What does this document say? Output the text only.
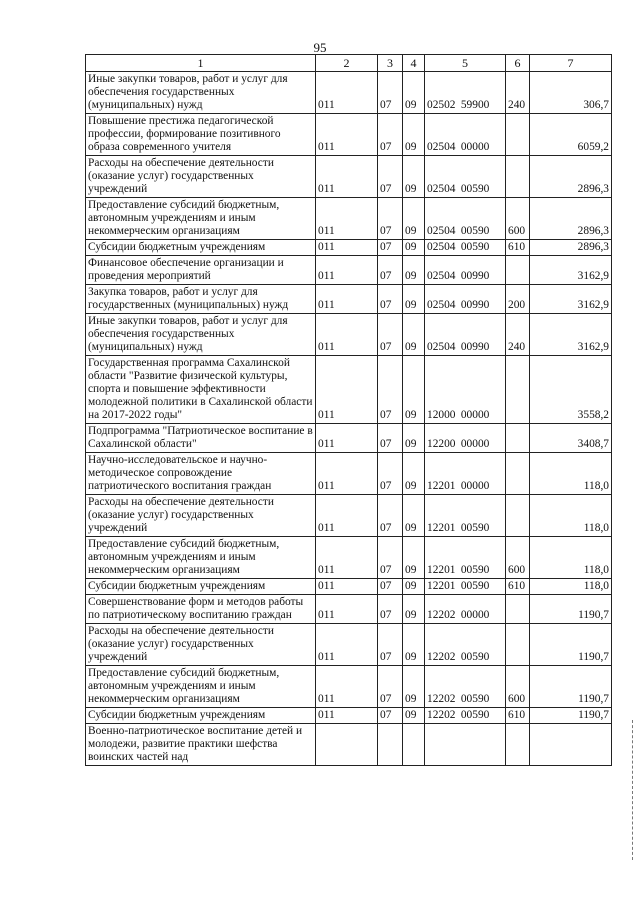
95
1	2	3	4	5	6	7
Иные закупки товаров, работ и услуг для обеспечения государственных (муниципальных) нужд	011	07	09	02502 59900	240	306,7
Повышение престижа педагогической профессии, формирование позитивного образа современного учителя	011	07	09	02504 00000		6059,2
Расходы на обеспечение деятельности (оказание услуг) государственных учреждений	011	07	09	02504 00590		2896,3
Предоставление субсидий бюджетным, автономным учреждениям и иным некоммерческим организациям	011	07	09	02504 00590	600	2896,3
Субсидии бюджетным учреждениям	011	07	09	02504 00590	610	2896,3
Финансовое обеспечение организации и проведения мероприятий	011	07	09	02504 00990		3162,9
Закупка товаров, работ и услуг для государственных (муниципальных) нужд	011	07	09	02504 00990	200	3162,9
Иные закупки товаров, работ и услуг для обеспечения государственных (муниципальных) нужд	011	07	09	02504 00990	240	3162,9
Государственная программа Сахалинской области "Развитие физической культуры, спорта и повышение эффективности молодежной политики в Сахалинской области на 2017-2022 годы"	011	07	09	12000 00000		3558,2
Подпрограмма "Патриотическое воспитание в Сахалинской области"	011	07	09	12200 00000		3408,7
Научно-исследовательское и научно-методическое сопровождение патриотического воспитания граждан	011	07	09	12201 00000		118,0
Расходы на обеспечение деятельности (оказание услуг) государственных учреждений	011	07	09	12201 00590		118,0
Предоставление субсидий бюджетным, автономным учреждениям и иным некоммерческим организациям	011	07	09	12201 00590	600	118,0
Субсидии бюджетным учреждениям	011	07	09	12201 00590	610	118,0
Совершенствование форм и методов работы по патриотическому воспитанию граждан	011	07	09	12202 00000		1190,7
Расходы на обеспечение деятельности (оказание услуг) государственных учреждений	011	07	09	12202 00590		1190,7
Предоставление субсидий бюджетным, автономным учреждениям и иным некоммерческим организациям	011	07	09	12202 00590	600	1190,7
Субсидии бюджетным учреждениям	011	07	09	12202 00590	610	1190,7
Военно-патриотическое воспитание детей и молодежи, развитие практики шефства воинских частей над						
